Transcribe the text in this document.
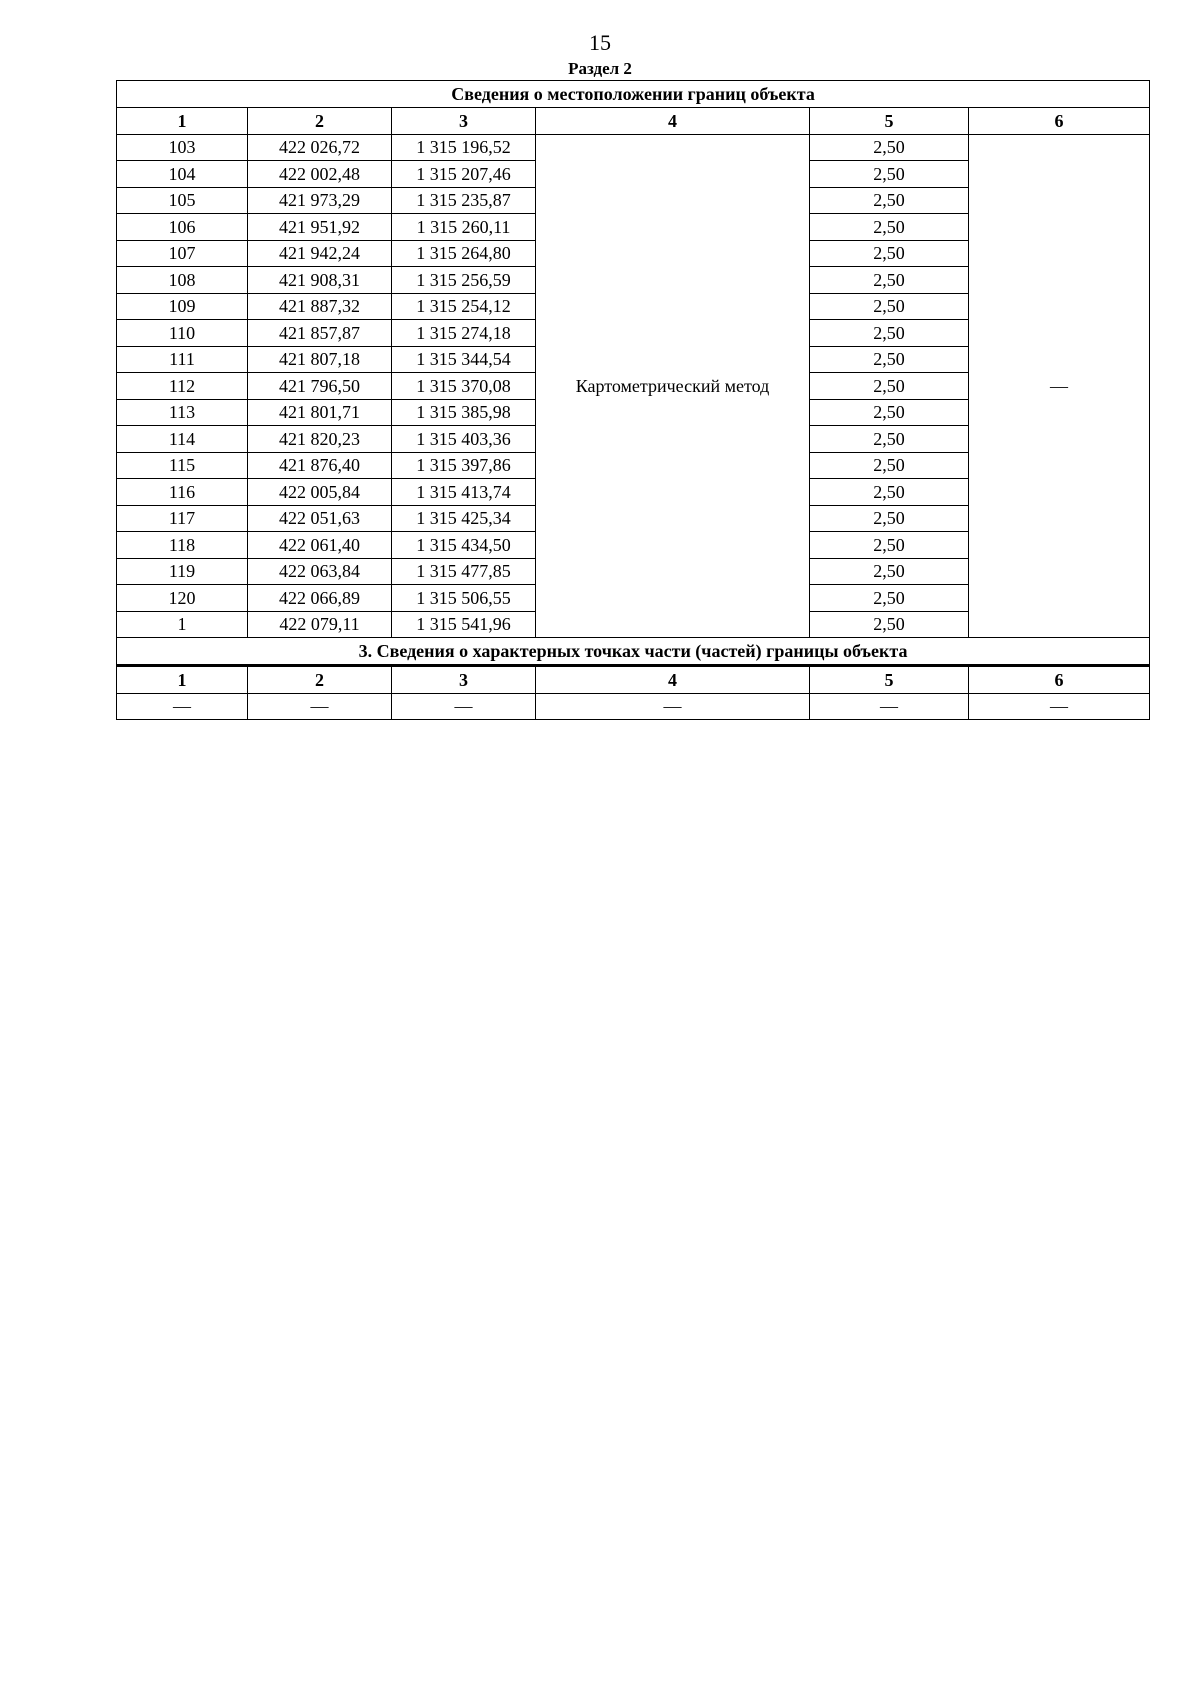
15
Раздел 2
Сведения о местоположении границ объекта					
1	2	3	4	5	6
103	422 026,72	1 315 196,52	Картометрический метод	2,50	—
104	422 002,48	1 315 207,46		2,50	
105	421 973,29	1 315 235,87		2,50	
106	421 951,92	1 315 260,11		2,50	
107	421 942,24	1 315 264,80		2,50	
108	421 908,31	1 315 256,59		2,50	
109	421 887,32	1 315 254,12		2,50	
110	421 857,87	1 315 274,18		2,50	
111	421 807,18	1 315 344,54		2,50	
112	421 796,50	1 315 370,08		2,50	
113	421 801,71	1 315 385,98		2,50	
114	421 820,23	1 315 403,36		2,50	
115	421 876,40	1 315 397,86		2,50	
116	422 005,84	1 315 413,74		2,50	
117	422 051,63	1 315 425,34		2,50	
118	422 061,40	1 315 434,50		2,50	
119	422 063,84	1 315 477,85		2,50	
120	422 066,89	1 315 506,55		2,50	
1	422 079,11	1 315 541,96		2,50	
3. Сведения о характерных точках части (частей) границы объекта					
1	2	3	4	5	6
—	—	—	—	—	—
